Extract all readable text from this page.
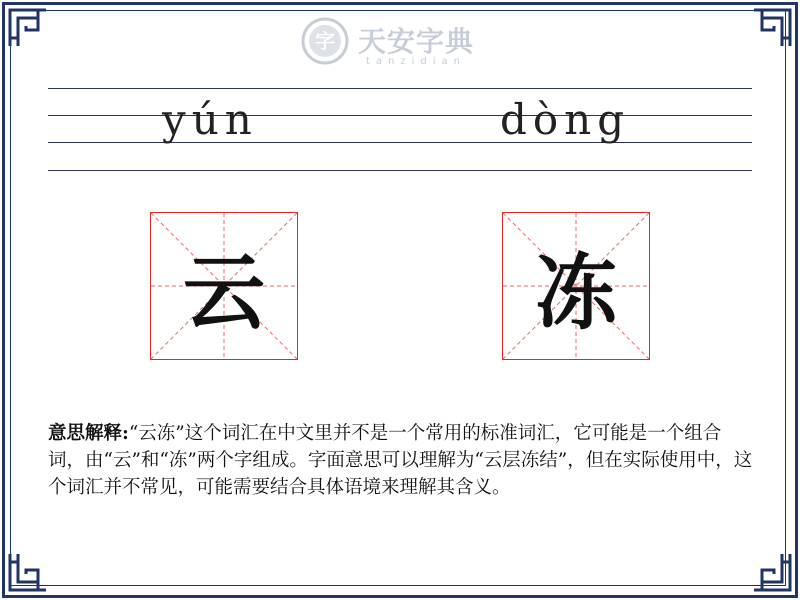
字 天安字典
tanzidian
yún	dòng
云	冻
意思解释:“云冻”这个词汇在中文里并不是一个常用的标准词汇，它可能是一个组合词，由“云”和“冻”两个字组成。字面意思可以理解为“云层冻结”，但在实际使用中，这个词汇并不常见，可能需要结合具体语境来理解其含义。
